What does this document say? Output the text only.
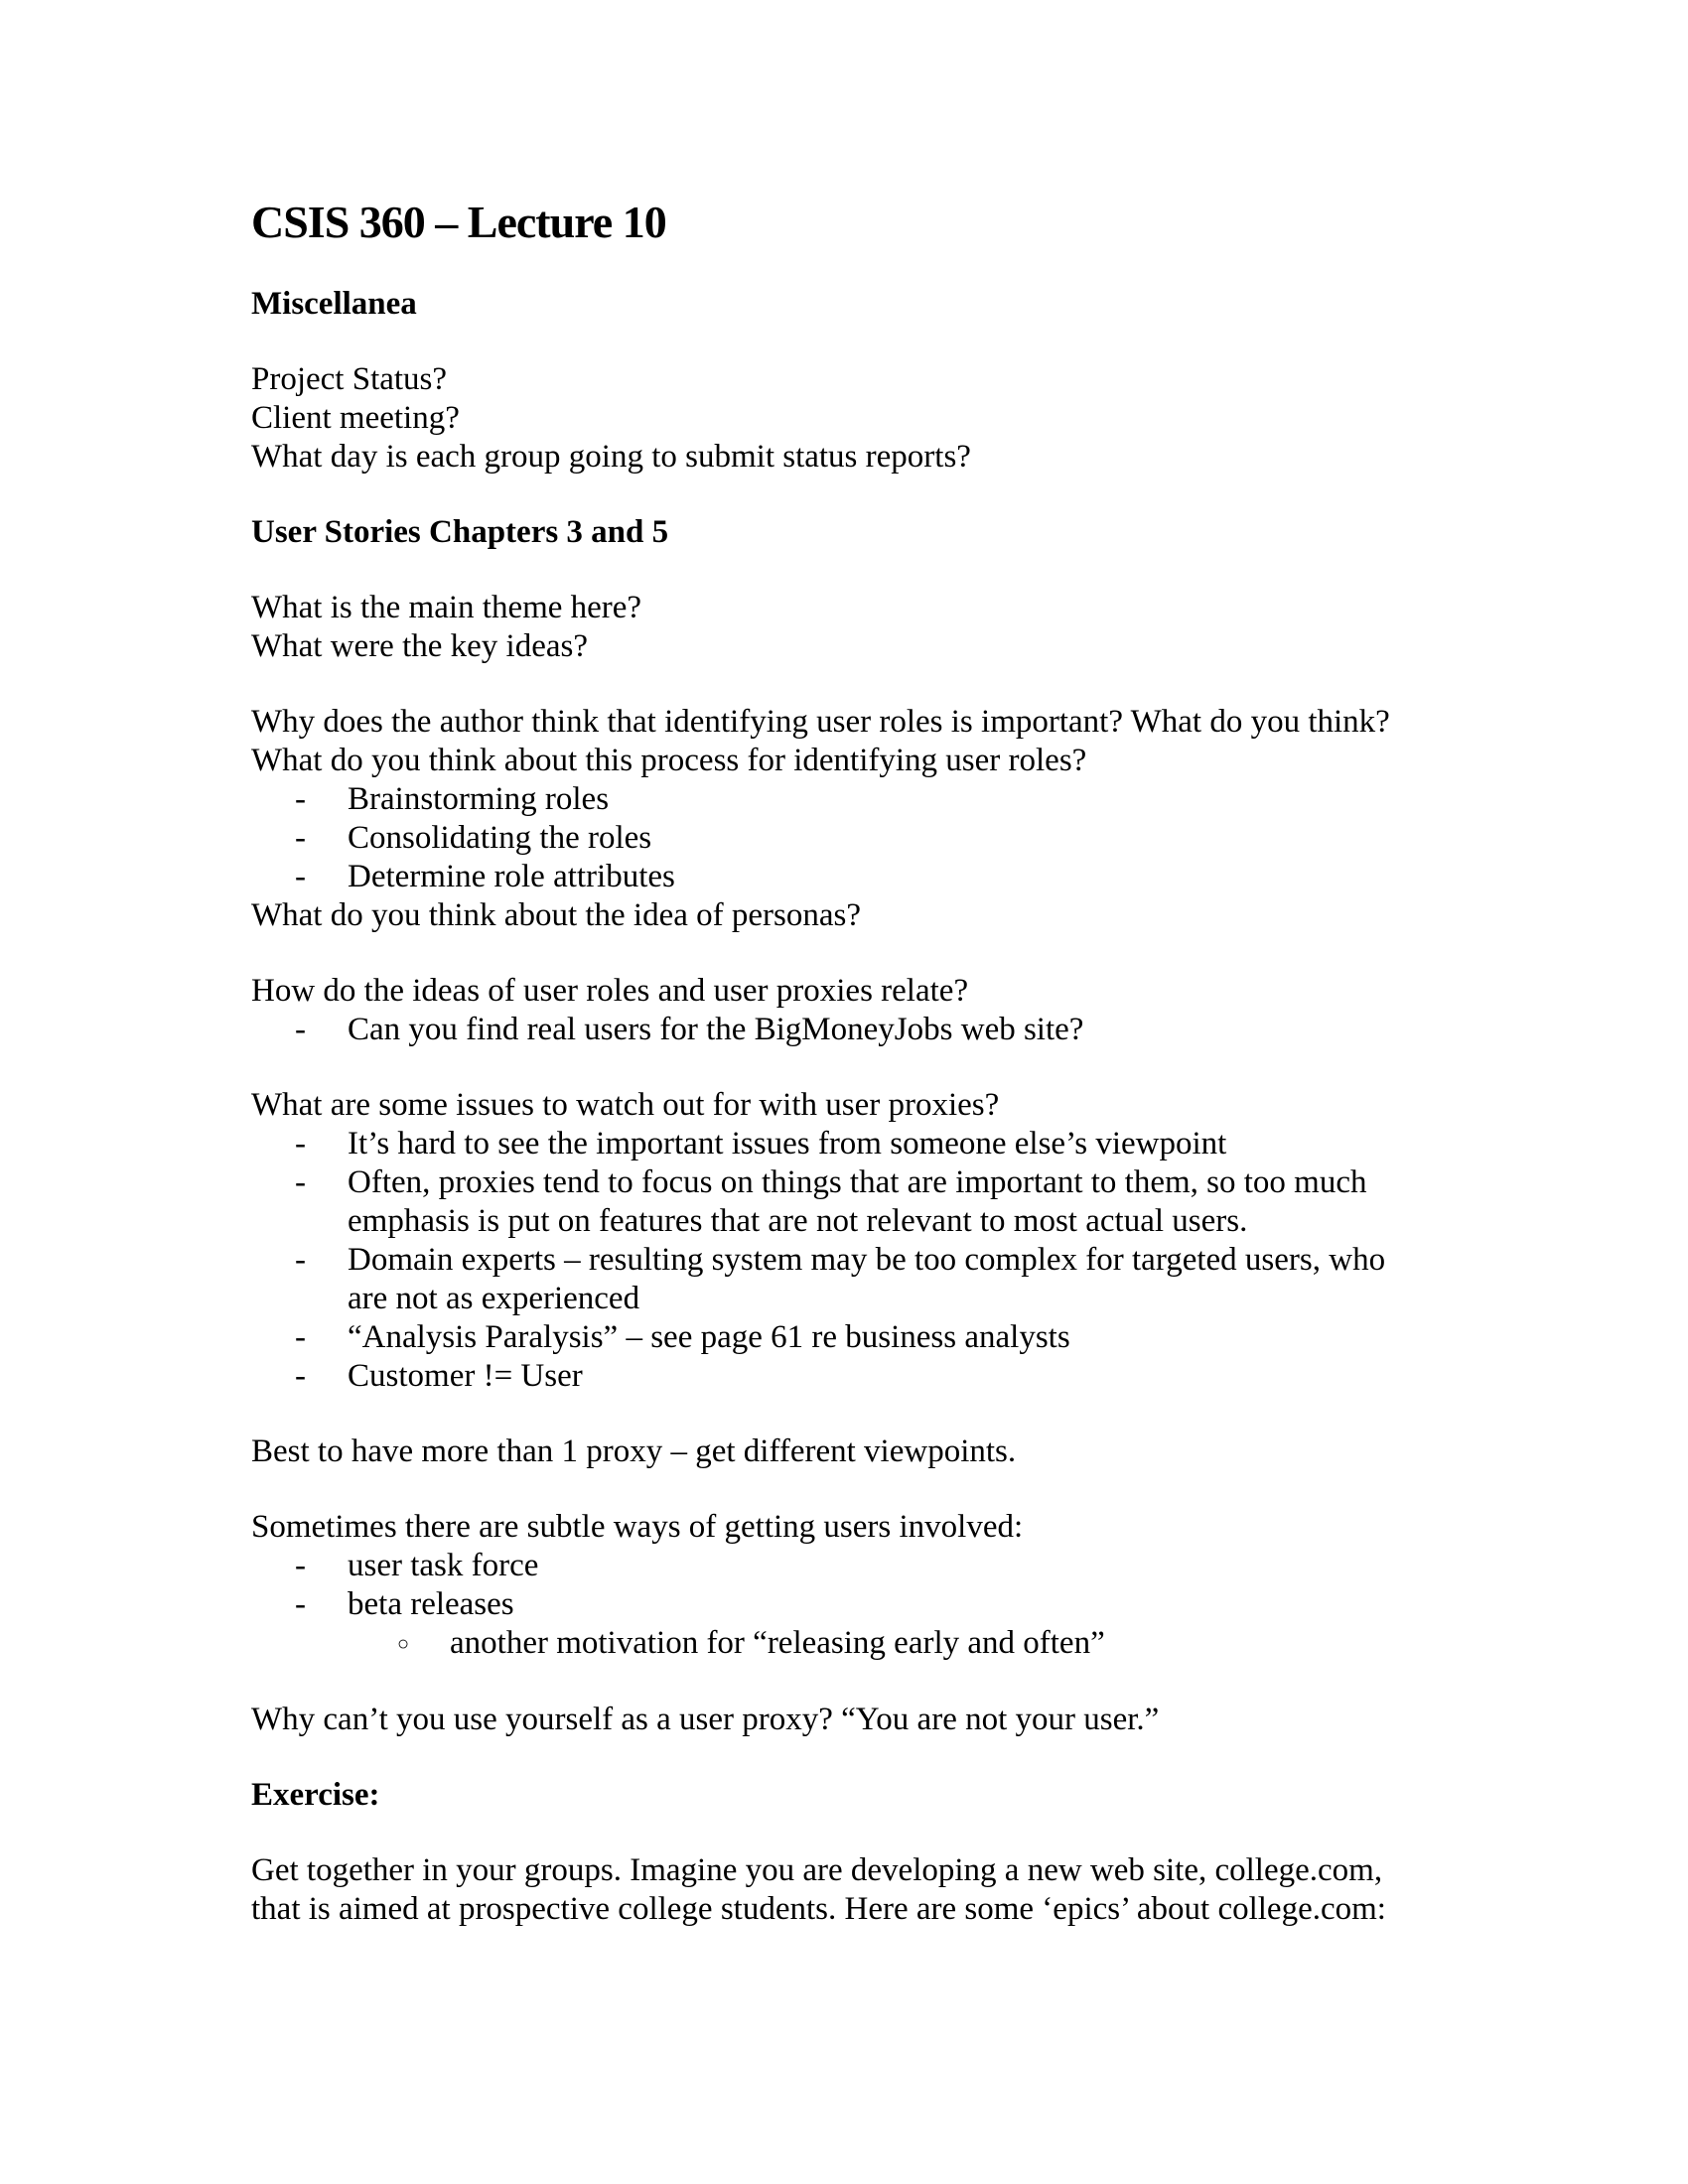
CSIS 360 – Lecture 10
Miscellanea
Project Status?
Client meeting?
What day is each group going to submit status reports?
User Stories Chapters 3 and 5
What is the main theme here?
What were the key ideas?
Why does the author think that identifying user roles is important? What do you think?
What do you think about this process for identifying user roles?
- Brainstorming roles
- Consolidating the roles
- Determine role attributes
What do you think about the idea of personas?
How do the ideas of user roles and user proxies relate?
- Can you find real users for the BigMoneyJobs web site?
What are some issues to watch out for with user proxies?
- It’s hard to see the important issues from someone else’s viewpoint
- Often, proxies tend to focus on things that are important to them, so too much
emphasis is put on features that are not relevant to most actual users.
- Domain experts – resulting system may be too complex for targeted users, who
are not as experienced
- “Analysis Paralysis” – see page 61 re business analysts
- Customer != User
Best to have more than 1 proxy – get different viewpoints.
Sometimes there are subtle ways of getting users involved:
- user task force
- beta releases
○ another motivation for “releasing early and often”
Why can’t you use yourself as a user proxy? “You are not your user.”
Exercise:
Get together in your groups. Imagine you are developing a new web site, college.com,
that is aimed at prospective college students. Here are some ‘epics’ about college.com:
